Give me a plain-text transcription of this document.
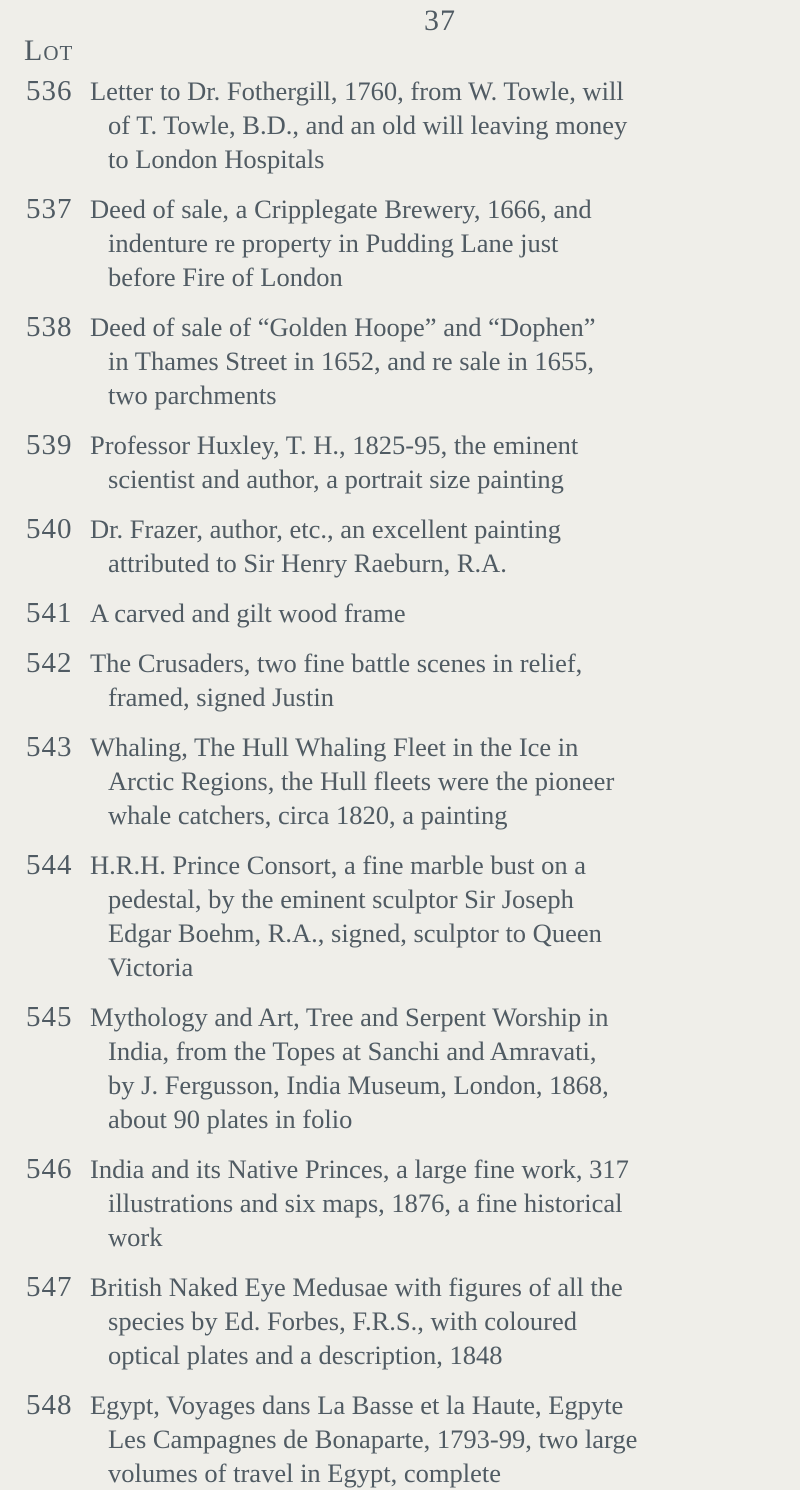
37
Lot
536 Letter to Dr. Fothergill, 1760, from W. Towle, will
of T. Towle, B.D., and an old will leaving money
to London Hospitals

537 Deed of sale, a Cripplegate Brewery, 1666, and
indenture re property in Pudding Lane just
before Fire of London

538 Deed of sale of “Golden Hoope” and “Dophen”
in Thames Street in 1652, and re sale in 1655,
two parchments

539 Professor Huxley, T. H., 1825-95, the eminent
scientist and author, a portrait size painting

540 Dr. Frazer, author, etc., an excellent painting
attributed to Sir Henry Raeburn, R.A.

541 A carved and gilt wood frame

542 The Crusaders, two fine battle scenes in relief,
framed, signed Justin

543 Whaling, The Hull Whaling Fleet in the Ice in
Arctic Regions, the Hull fleets were the pioneer
whale catchers, circa 1820, a painting

544 H.R.H. Prince Consort, a fine marble bust on a
pedestal, by the eminent sculptor Sir Joseph
Edgar Boehm, R.A., signed, sculptor to Queen
Victoria

545 Mythology and Art, Tree and Serpent Worship in
India, from the Topes at Sanchi and Amravati,
by J. Fergusson, India Museum, London, 1868,
about 90 plates in folio

546 India and its Native Princes, a large fine work, 317
illustrations and six maps, 1876, a fine historical
work

547 British Naked Eye Medusae with figures of all the
species by Ed. Forbes, F.R.S., with coloured
optical plates and a description, 1848

548 Egypt, Voyages dans La Basse et la Haute, Egpyte
Les Campagnes de Bonaparte, 1793-99, two large
volumes of travel in Egypt, complete
